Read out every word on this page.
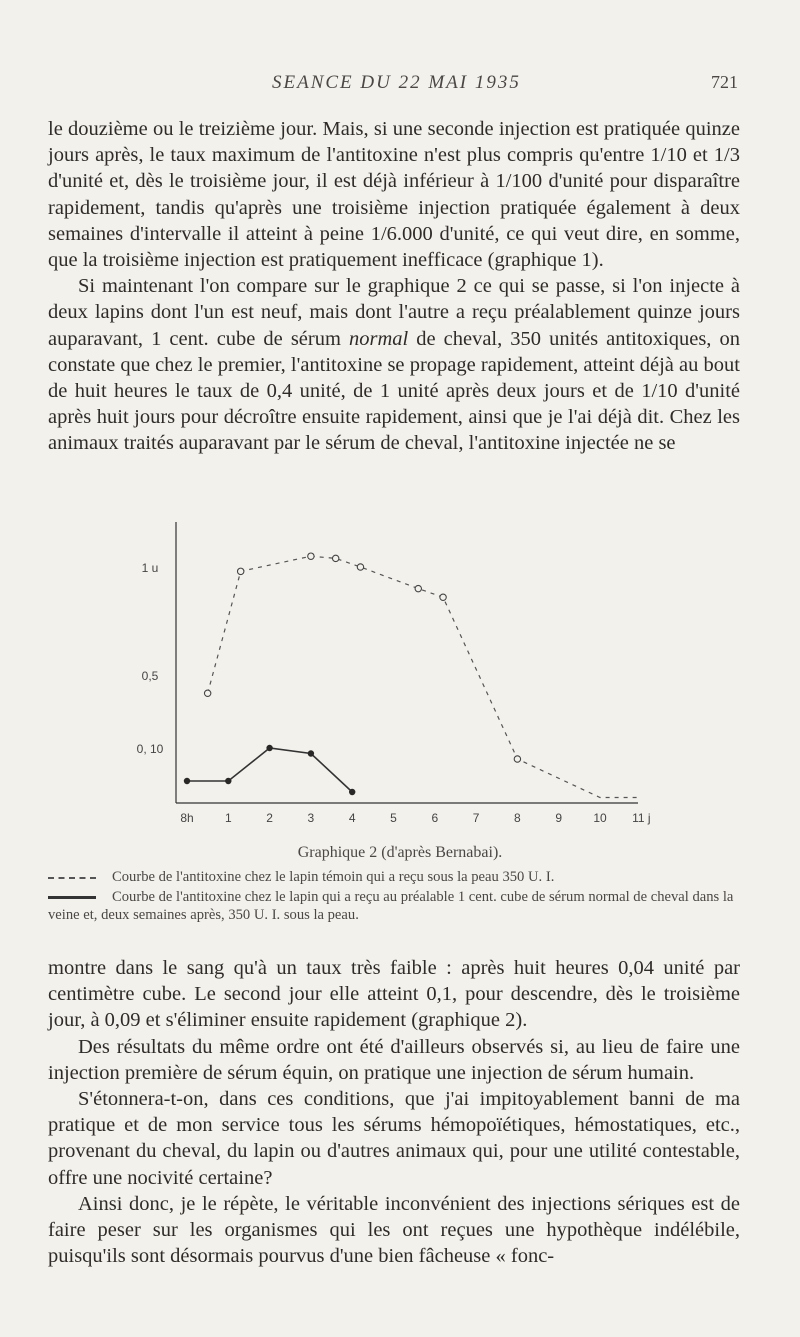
SEANCE DU 22 MAI 1935	721

le douzième ou le treizième jour. Mais, si une seconde injection est pratiquée quinze jours après, le taux maximum de l'antitoxine n'est plus compris qu'entre 1/10 et 1/3 d'unité et, dès le troisième jour, il est déjà inférieur à 1/100 d'unité pour disparaître rapidement, tandis qu'après une troisième injection pratiquée également à deux semaines d'intervalle il atteint à peine 1/6.000 d'unité, ce qui veut dire, en somme, que la troisième injection est pratiquement inefficace (graphique 1).

Si maintenant l'on compare sur le graphique 2 ce qui se passe, si l'on injecte à deux lapins dont l'un est neuf, mais dont l'autre a reçu préalablement quinze jours auparavant, 1 cent. cube de sérum normal de cheval, 350 unités antitoxiques, on constate que chez le premier, l'antitoxine se propage rapidement, atteint déjà au bout de huit heures le taux de 0,4 unité, de 1 unité après deux jours et de 1/10 d'unité après huit jours pour décroître ensuite rapidement, ainsi que je l'ai déjà dit. Chez les animaux traités auparavant par le sérum de cheval, l'antitoxine injectée ne se

0, 10
0,5
1 u
8h	1	2	3	4	5	6	7	8	9	10 11 j
Graphique 2 (d'après Bernabai).
Courbe de l'antitoxine chez le lapin témoin qui a reçu sous la peau 350 U. I.
Courbe de l'antitoxine chez le lapin qui a reçu au préalable 1 cent. cube de sérum normal de cheval dans la veine et, deux semaines après, 350 U. I. sous la peau.

montre dans le sang qu'à un taux très faible : après huit heures 0,04 unité par centimètre cube. Le second jour elle atteint 0,1, pour descendre, dès le troisième jour, à 0,09 et s'éliminer ensuite rapidement (graphique 2).

Des résultats du même ordre ont été d'ailleurs observés si, au lieu de faire une injection première de sérum équin, on pratique une injection de sérum humain.

S'étonnera-t-on, dans ces conditions, que j'ai impitoyablement banni de ma pratique et de mon service tous les sérums hémopoïétiques, hémostatiques, etc., provenant du cheval, du lapin ou d'autres animaux qui, pour une utilité contestable, offre une nocivité certaine?

Ainsi donc, je le répète, le véritable inconvénient des injections sériques est de faire peser sur les organismes qui les ont reçues une hypothèque indélébile, puisqu'ils sont désormais pourvus d'une bien fâcheuse « fonc-
